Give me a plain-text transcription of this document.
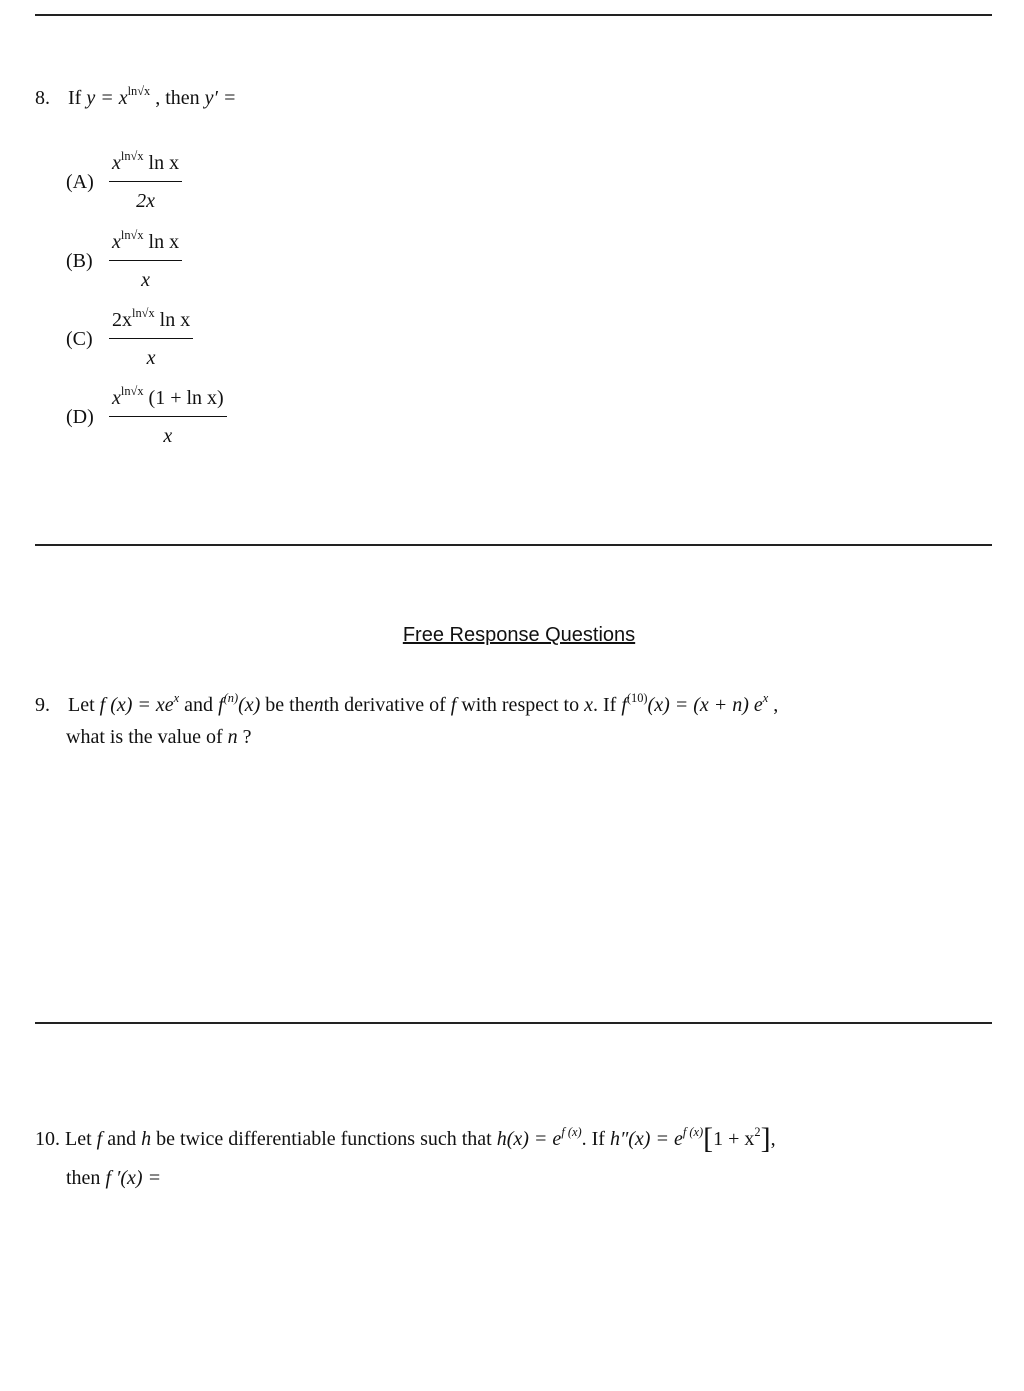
8. If $y = x^{ln√x}$ , then y′ =
$(A) \frac{x^{ln√x} \ln x}{2x}$
$(B) \frac{x^{ln√x} \ln x}{x}$
$(C) \frac{2x^{ln√x} \ln x}{x}$
$(D) \frac{x^{ln√x} (1 + \ln x)}{x}$
Free Response Questions
9. Let f $(x) = xe^x$ and $f^{(n)}(x)$ be thenth derivative of f with respect to x. If $f^{(10)}(x) = (x + n)$ $e^x$ ,
what is the value of n ?
10. Let f and h be twice differentiable functions such that $h(x) = e^{f (x)}$. If $h''(x) = e^{f (x)}[1 + x^2]$,
then f ′(x) =
